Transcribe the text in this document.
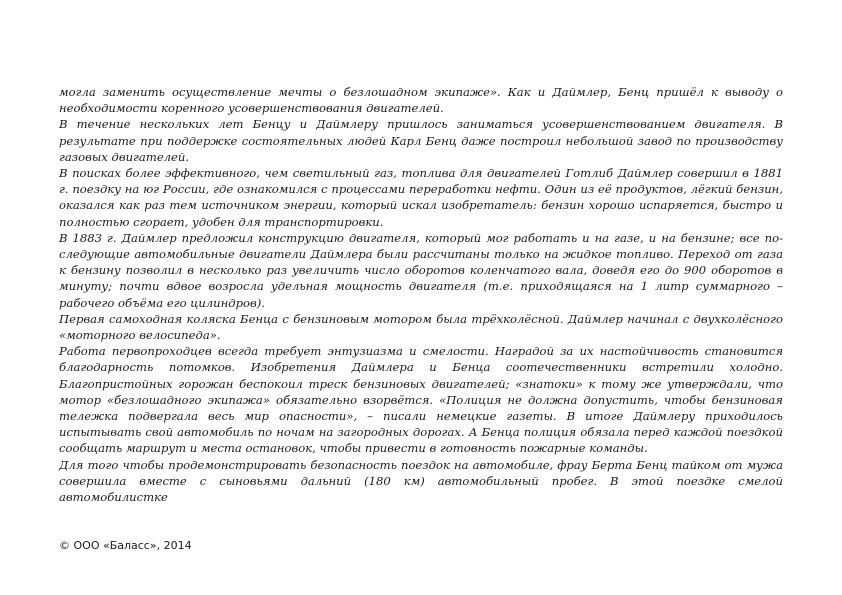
могла заменить осуществление мечты о безлошадном экипаже». Как и Даймлер, Бенц пришёл к выводу о необходимости коренного усовершенствования двигателей.

В течение нескольких лет Бенцу и Даймлеру пришлось заниматься усовершенствованием двигателя. В результате при поддержке состоятельных людей Карл Бенц даже построил небольшой завод по производству газовых двигателей.

В поисках более эффективного, чем светильный газ, топлива для двигателей Готлиб Даймлер совершил в 1881 г. поездку на юг России, где ознакомился с процессами переработки нефти. Один из её продуктов, лёгкий бензин, оказался как раз тем источником энергии, который искал изобретатель: бензин хорошо испаряется, быстро и полностью сгорает, удобен для транспортировки.

В 1883 г. Даймлер предложил конструкцию двигателя, который мог работать и на газе, и на бензине; все последующие автомобильные двигатели Даймлера были рассчитаны только на жидкое топливо. Переход от газа к бензину позволил в несколько раз увеличить число оборотов коленчатого вала, доведя его до 900 оборотов в минуту; почти вдвое возросла удельная мощность двигателя (т.е. приходящаяся на 1 литр суммарного – рабочего объёма его цилиндров).

Первая самоходная коляска Бенца с бензиновым мотором была трёхколёсной. Даймлер начинал с двухколёсного «моторного велосипеда».

Работа первопроходцев всегда требует энтузиазма и смелости. Наградой за их настойчивость становится благодарность потомков. Изобретения Даймлера и Бенца соотечественники встретили холодно. Благопристойных горожан беспокоил треск бензиновых двигателей; «знатоки» к тому же утверждали, что мотор «безлошадного экипажа» обязательно взорвётся. «Полиция не должна допустить, чтобы бензиновая тележка подвергала весь мир опасности», – писали немецкие газеты. В итоге Даймлеру приходилось испытывать свой автомобиль по ночам на загородных дорогах. А Бенца полиция обязала перед каждой поездкой сообщать маршрут и места остановок, чтобы привести в готовность пожарные команды.

Для того чтобы продемонстрировать безопасность поездок на автомобиле, фрау Берта Бенц тайком от мужа совершила вместе с сыновьями дальний (180 км) автомобильный пробег. В этой поездке смелой автомобилистке

© ООО «Баласс», 2014
